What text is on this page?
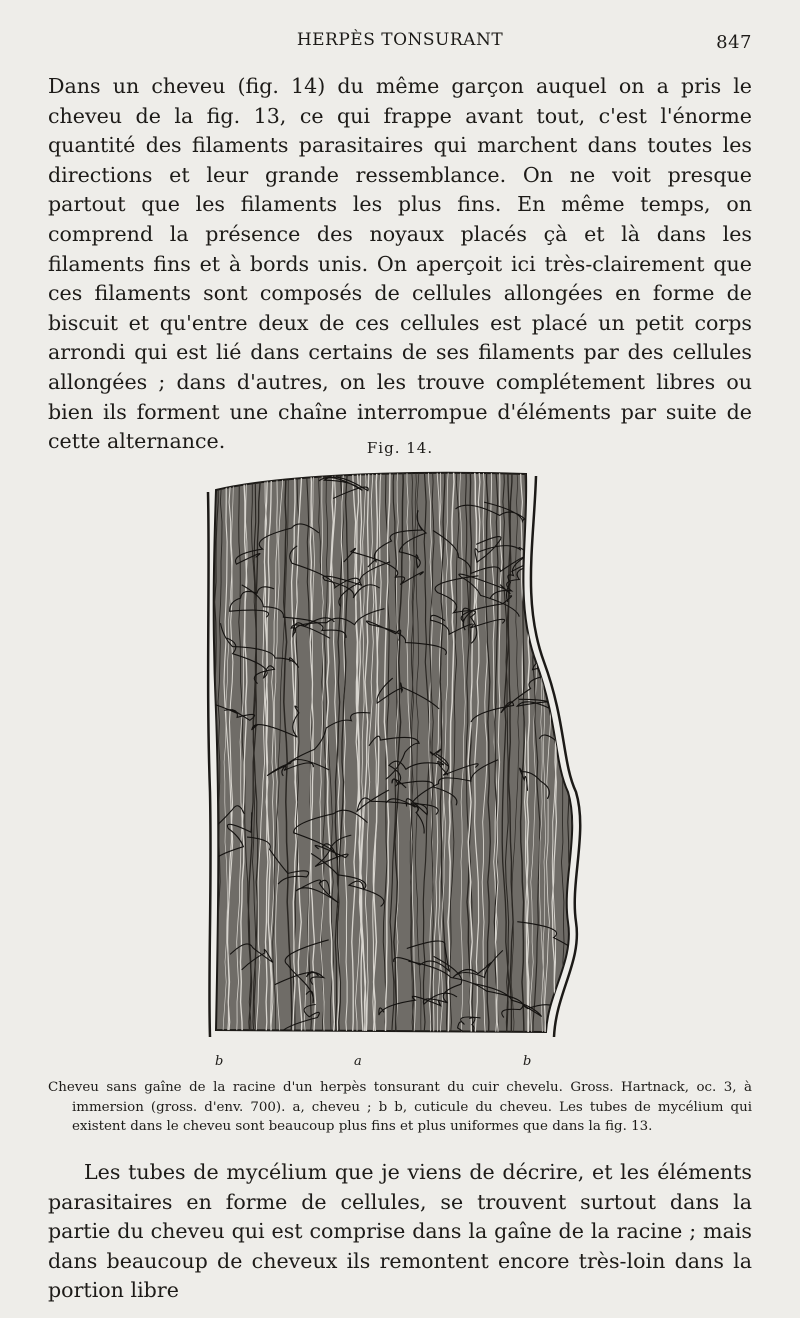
HERPÈS TONSURANT	847

Dans un cheveu (fig. 14) du même garçon auquel on a pris le cheveu de la fig. 13, ce qui frappe avant tout, c'est l'énorme quantité des filaments parasitaires qui marchent dans toutes les directions et leur grande ressemblance. On ne voit presque partout que les filaments les plus fins. En même temps, on comprend la présence des noyaux placés çà et là dans les filaments fins et à bords unis. On aperçoit ici très-clairement que ces filaments sont composés de cellules allongées en forme de biscuit et qu'entre deux de ces cellules est placé un petit corps arrondi qui est lié dans certains de ses filaments par des cellules allongées ; dans d'autres, on les trouve complétement libres ou bien ils forment une chaîne interrompue d'éléments par suite de cette alternance.	Fig. 14.
b	a	b
Cheveu sans gaîne de la racine d'un herpès tonsurant du cuir chevelu. Gross. Hartnack, oc. 3, à immersion (gross. d'env. 700). a, cheveu ; b b, cuticule du cheveu. Les tubes de mycélium qui existent dans le cheveu sont beaucoup plus fins et plus uniformes que dans la fig. 13.

Les tubes de mycélium que je viens de décrire, et les éléments parasitaires en forme de cellules, se trouvent surtout dans la partie du cheveu qui est comprise dans la gaîne de la racine ; mais dans beaucoup de cheveux ils remontent encore très-loin dans la portion libre
